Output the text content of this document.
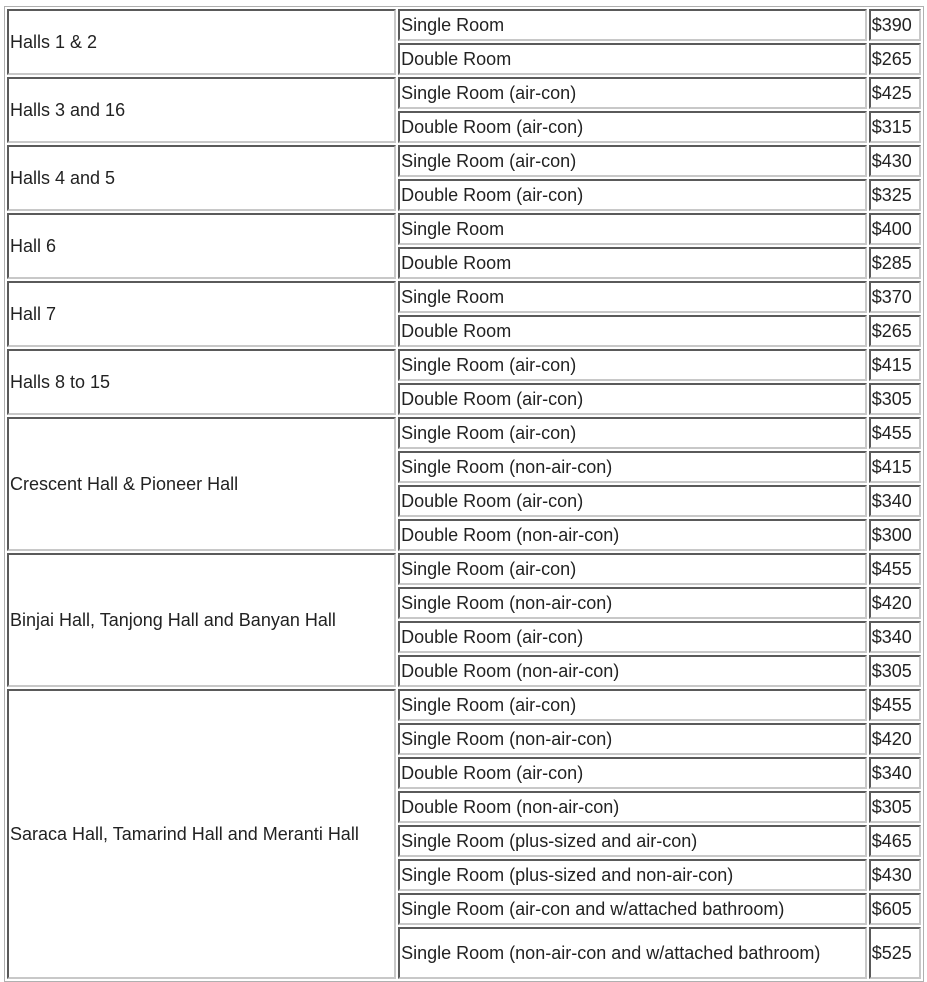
Halls 1 & 2	Single Room	$390
	Double Room	$265
Halls 3 and 16	Single Room (air-con)	$425
	Double Room (air-con)	$315
Halls 4 and 5	Single Room (air-con)	$430
	Double Room (air-con)	$325
Hall 6	Single Room	$400
	Double Room	$285
Hall 7	Single Room	$370
	Double Room	$265
Halls 8 to 15	Single Room (air-con)	$415
	Double Room (air-con)	$305
Crescent Hall & Pioneer Hall	Single Room (air-con)	$455
	Single Room (non-air-con)	$415
	Double Room (air-con)	$340
	Double Room (non-air-con)	$300
Binjai Hall, Tanjong Hall and Banyan Hall	Single Room (air-con)	$455
	Single Room (non-air-con)	$420
	Double Room (air-con)	$340
	Double Room (non-air-con)	$305
Saraca Hall, Tamarind Hall and Meranti Hall	Single Room (air-con)	$455
	Single Room (non-air-con)	$420
	Double Room (air-con)	$340
	Double Room (non-air-con)	$305
	Single Room (plus-sized and air-con)	$465
	Single Room (plus-sized and non-air-con)	$430
	Single Room (air-con and w/attached bathroom)	$605
	Single Room (non-air-con and w/attached bathroom)	$525
